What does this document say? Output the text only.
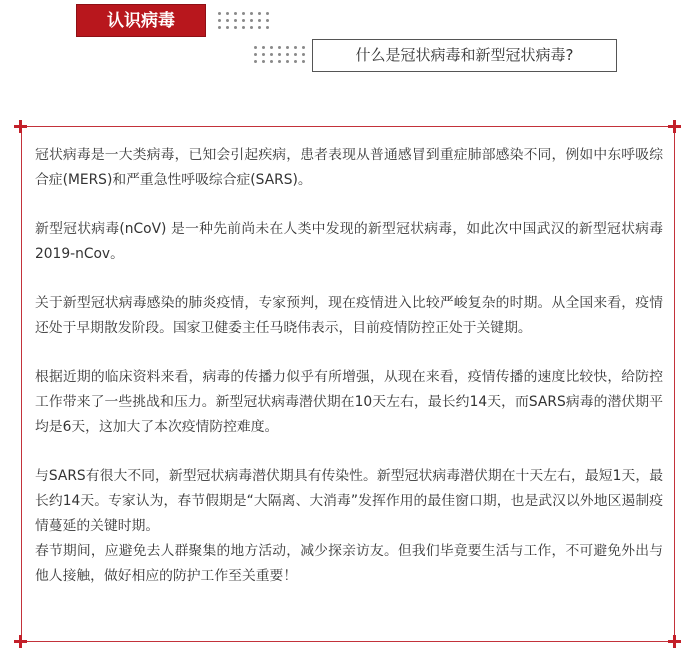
认识病毒
什么是冠状病毒和新型冠状病毒?

冠状病毒是一大类病毒，已知会引起疾病，患者表现从普通感冒到重症肺部感染不同，例如中东呼吸综合症(MERS)和严重急性呼吸综合症(SARS)。

新型冠状病毒(nCoV) 是一种先前尚未在人类中发现的新型冠状病毒，如此次中国武汉的新型冠状病毒2019-nCov。

关于新型冠状病毒感染的肺炎疫情，专家预判，现在疫情进入比较严峻复杂的时期。从全国来看，疫情还处于早期散发阶段。国家卫健委主任马晓伟表示，目前疫情防控正处于关键期。

根据近期的临床资料来看，病毒的传播力似乎有所增强，从现在来看，疫情传播的速度比较快，给防控工作带来了一些挑战和压力。新型冠状病毒潜伏期在10天左右，最长约14天，而SARS病毒的潜伏期平均是6天，这加大了本次疫情防控难度。

与SARS有很大不同，新型冠状病毒潜伏期具有传染性。新型冠状病毒潜伏期在十天左右，最短1天，最长约14天。专家认为，春节假期是“大隔离、大消毒”发挥作用的最佳窗口期，也是武汉以外地区遏制疫情蔓延的关键时期。

春节期间，应避免去人群聚集的地方活动，减少探亲访友。但我们毕竟要生活与工作，不可避免外出与他人接触，做好相应的防护工作至关重要！
